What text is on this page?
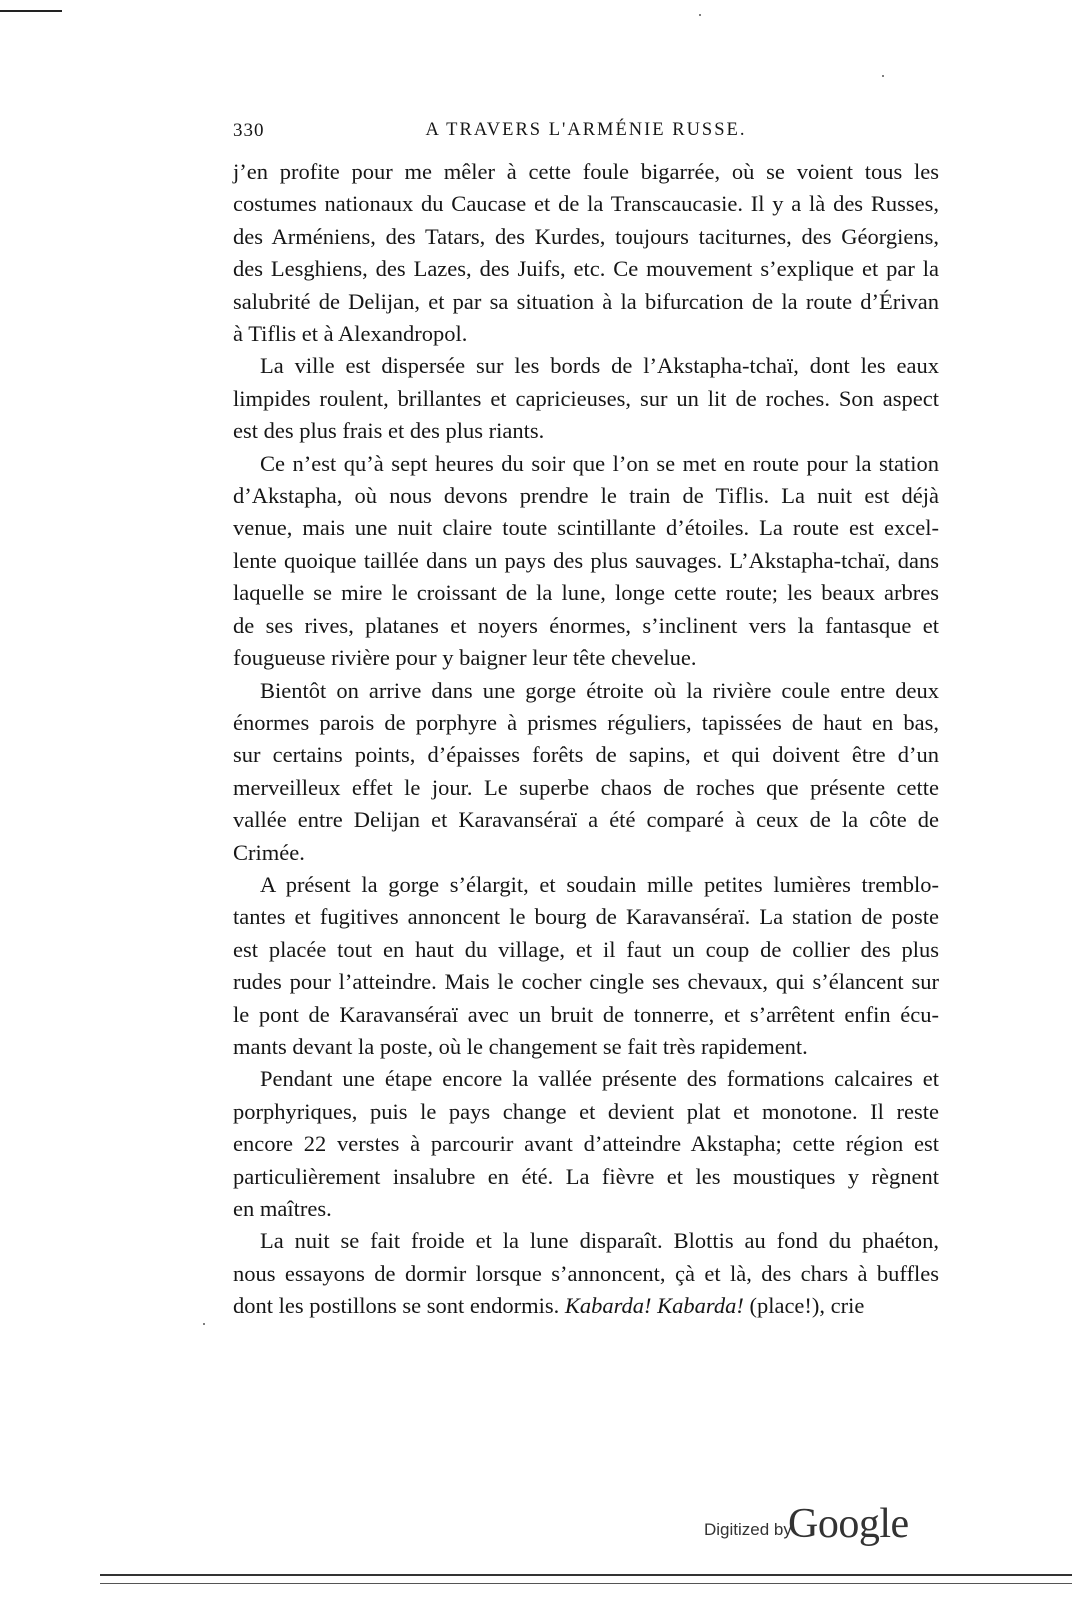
330	A TRAVERS L'ARMÉNIE RUSSE.

j’en profite pour me mêler à cette foule bigarrée, où se voient tous les
costumes nationaux du Caucase et de la Transcaucasie. Il y a là des Russes,
des Arméniens, des Tatars, des Kurdes, toujours taciturnes, des Géorgiens,
des Lesghiens, des Lazes, des Juifs, etc. Ce mouvement s’explique et par la
salubrité de Delijan, et par sa situation à la bifurcation de la route d’Érivan
à Tiflis et à Alexandropol.

La ville est dispersée sur les bords de l’Akstapha-tchaï, dont les eaux
limpides roulent, brillantes et capricieuses, sur un lit de roches. Son aspect
est des plus frais et des plus riants.

Ce n’est qu’à sept heures du soir que l’on se met en route pour la station
d’Akstapha, où nous devons prendre le train de Tiflis. La nuit est déjà
venue, mais une nuit claire toute scintillante d’étoiles. La route est excel-
lente quoique taillée dans un pays des plus sauvages. L’Akstapha-tchaï, dans
laquelle se mire le croissant de la lune, longe cette route; les beaux arbres
de ses rives, platanes et noyers énormes, s’inclinent vers la fantasque et
fougueuse rivière pour y baigner leur tête chevelue.

Bientôt on arrive dans une gorge étroite où la rivière coule entre deux
énormes parois de porphyre à prismes réguliers, tapissées de haut en bas,
sur certains points, d’épaisses forêts de sapins, et qui doivent être d’un
merveilleux effet le jour. Le superbe chaos de roches que présente cette
vallée entre Delijan et Karavanséraï a été comparé à ceux de la côte de
Crimée.

A présent la gorge s’élargit, et soudain mille petites lumières tremblo-
tantes et fugitives annoncent le bourg de Karavanséraï. La station de poste
est placée tout en haut du village, et il faut un coup de collier des plus
rudes pour l’atteindre. Mais le cocher cingle ses chevaux, qui s’élancent sur
le pont de Karavanséraï avec un bruit de tonnerre, et s’arrêtent enfin écu-
mants devant la poste, où le changement se fait très rapidement.

Pendant une étape encore la vallée présente des formations calcaires et
porphyriques, puis le pays change et devient plat et monotone. Il reste
encore 22 verstes à parcourir avant d’atteindre Akstapha; cette région est
particulièrement insalubre en été. La fièvre et les moustiques y règnent
en maîtres.

La nuit se fait froide et la lune disparaît. Blottis au fond du phaéton,
nous essayons de dormir lorsque s’annoncent, çà et là, des chars à buffles
dont les postillons se sont endormis. Kabarda! Kabarda! (place!), crie

Digitized by
Google
